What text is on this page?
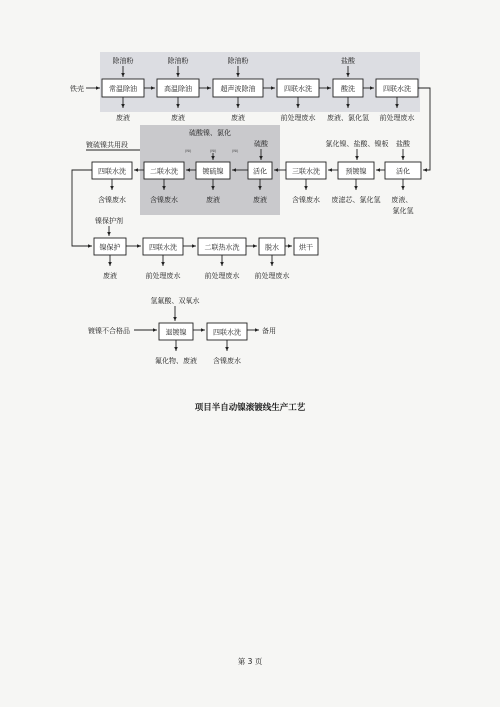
铁壳	常温除油	高温除油	超声波除油	四联水洗	酸洗	四联水洗
除油粉	除油粉	除油粉	盐酸
废液	废液	废液	前处理废水 废液、氯化氢 前处理废水
硫酸镍、氯化
硫酸
镀硫镍共用段
(Ni)	(Ni)	(Ni)
氯化镍、盐酸、镍板 盐酸
活化
预镀镍
三联水洗
活化
镀硫镍
二联水洗
四联水洗
含镍废水	含镍废水	废液	废液	含镍废水 废滤芯、氯化氢 废液、 氯化氢
镍保护剂
镍保护	四联水洗	二联热水洗	脱水	烘干
废液	前处理废水	前处理废水 前处理废水
氢氟酸、双氧水
镀镍不合格品	退镀镍	四联水洗	备用
氟化物、废液 含镍废水
项目半自动镍滚镀线生产工艺
第 3 页
